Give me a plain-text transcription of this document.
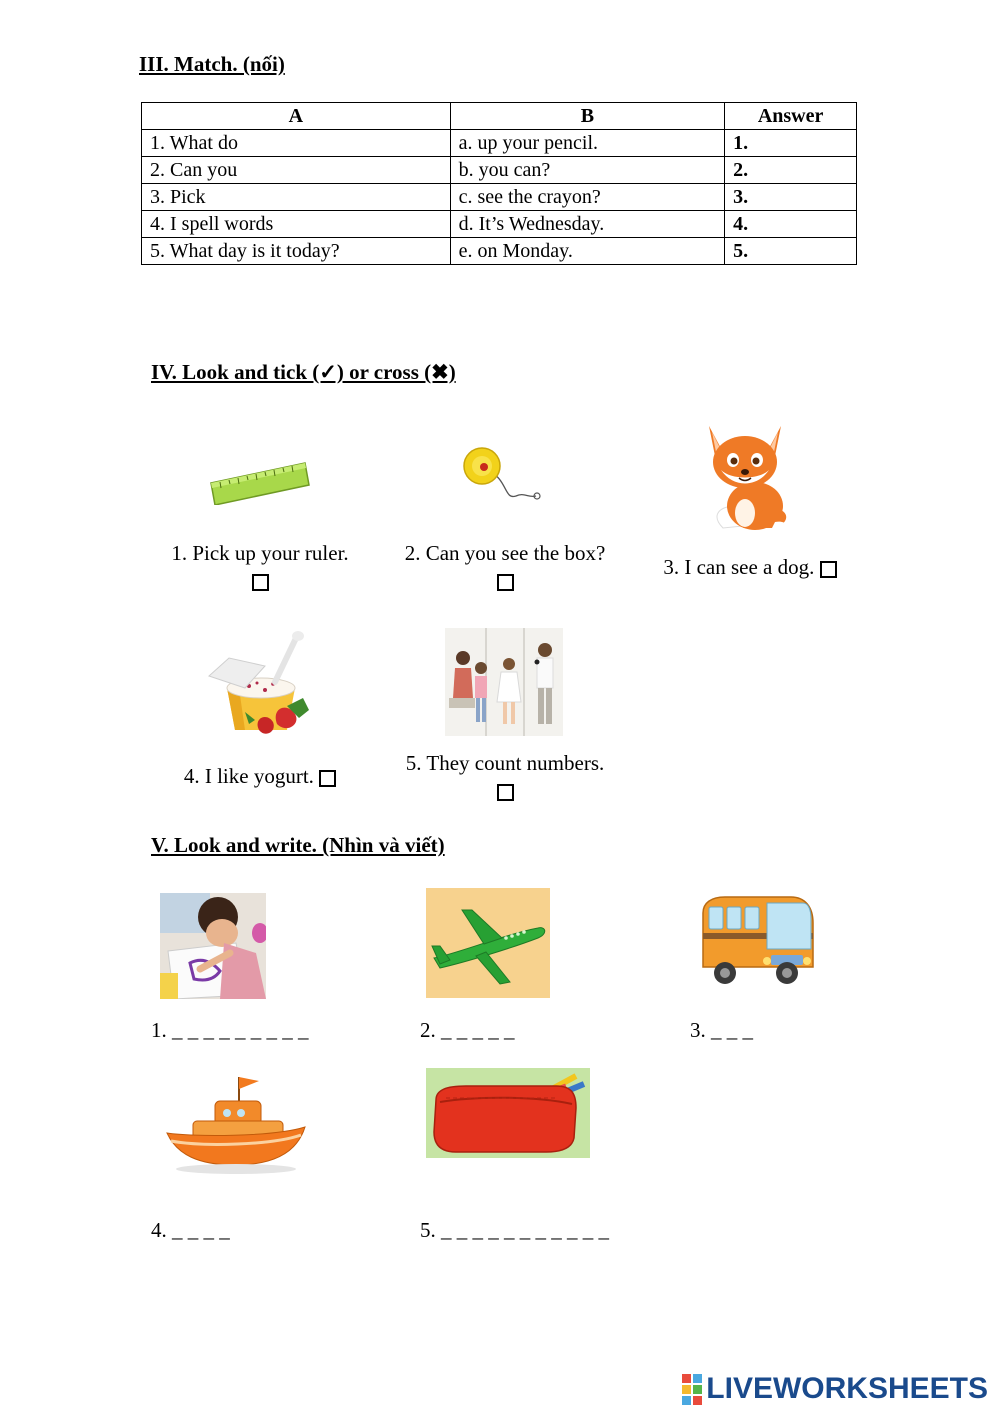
III. Match. (nối)
A	B	Answer
1. What do	a. up your pencil.	1.
2. Can you	b. you can?	2.
3. Pick	c. see the crayon?	3.
4. I spell words	d. It’s Wednesday.	4.
5. What day is it today?	e. on Monday.	5.
IV. Look and tick (✓) or cross (✖)
1. Pick up your ruler.	2. Can you see the box?
3. I can see a dog.
4. I like yogurt.
5. They count numbers.
V. Look and write. (Nhìn và viết)
1. _ _ _ _ _ _ _ _ _	2. _ _ _ _ _	3. _ _ _
4. _ _ _ _	5. _ _ _ _ _ _ _ _ _ _ _
LIVEWORKSHEETS
